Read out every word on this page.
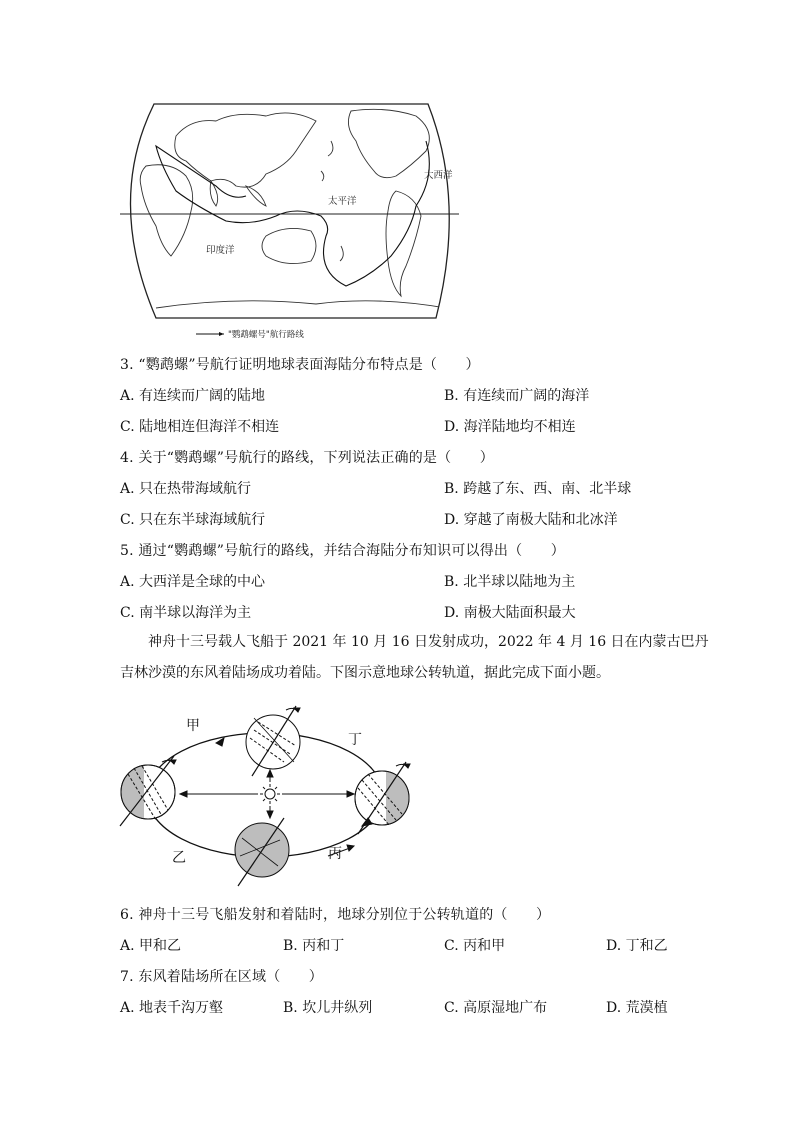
大西洋
太平洋
印度洋
"鹦鹉螺号"航行路线
3. “鹦鹉螺”号航行证明地球表面海陆分布特点是（　　）
A. 有连续而广阔的陆地	B. 有连续而广阔的海洋
C. 陆地相连但海洋不相连	D. 海洋陆地均不相连
4. 关于“鹦鹉螺”号航行的路线，下列说法正确的是（　　）
A. 只在热带海域航行	B. 跨越了东、西、南、北半球
C. 只在东半球海域航行	D. 穿越了南极大陆和北冰洋
5. 通过“鹦鹉螺”号航行的路线，并结合海陆分布知识可以得出（　　）
A. 大西洋是全球的中心	B. 北半球以陆地为主
C. 南半球以海洋为主	D. 南极大陆面积最大
神舟十三号载人飞船于 2021 年 10 月 16 日发射成功，2022 年 4 月 16 日在内蒙古巴丹
吉林沙漠的东风着陆场成功着陆。下图示意地球公转轨道，据此完成下面小题。
甲
丁
乙	丙
6. 神舟十三号飞船发射和着陆时，地球分别位于公转轨道的（　　）
A. 甲和乙	B. 丙和丁	C. 丙和甲	D. 丁和乙
7. 东风着陆场所在区域（　　）
A. 地表千沟万壑	B. 坎儿井纵列	C. 高原湿地广布	D. 荒漠植
